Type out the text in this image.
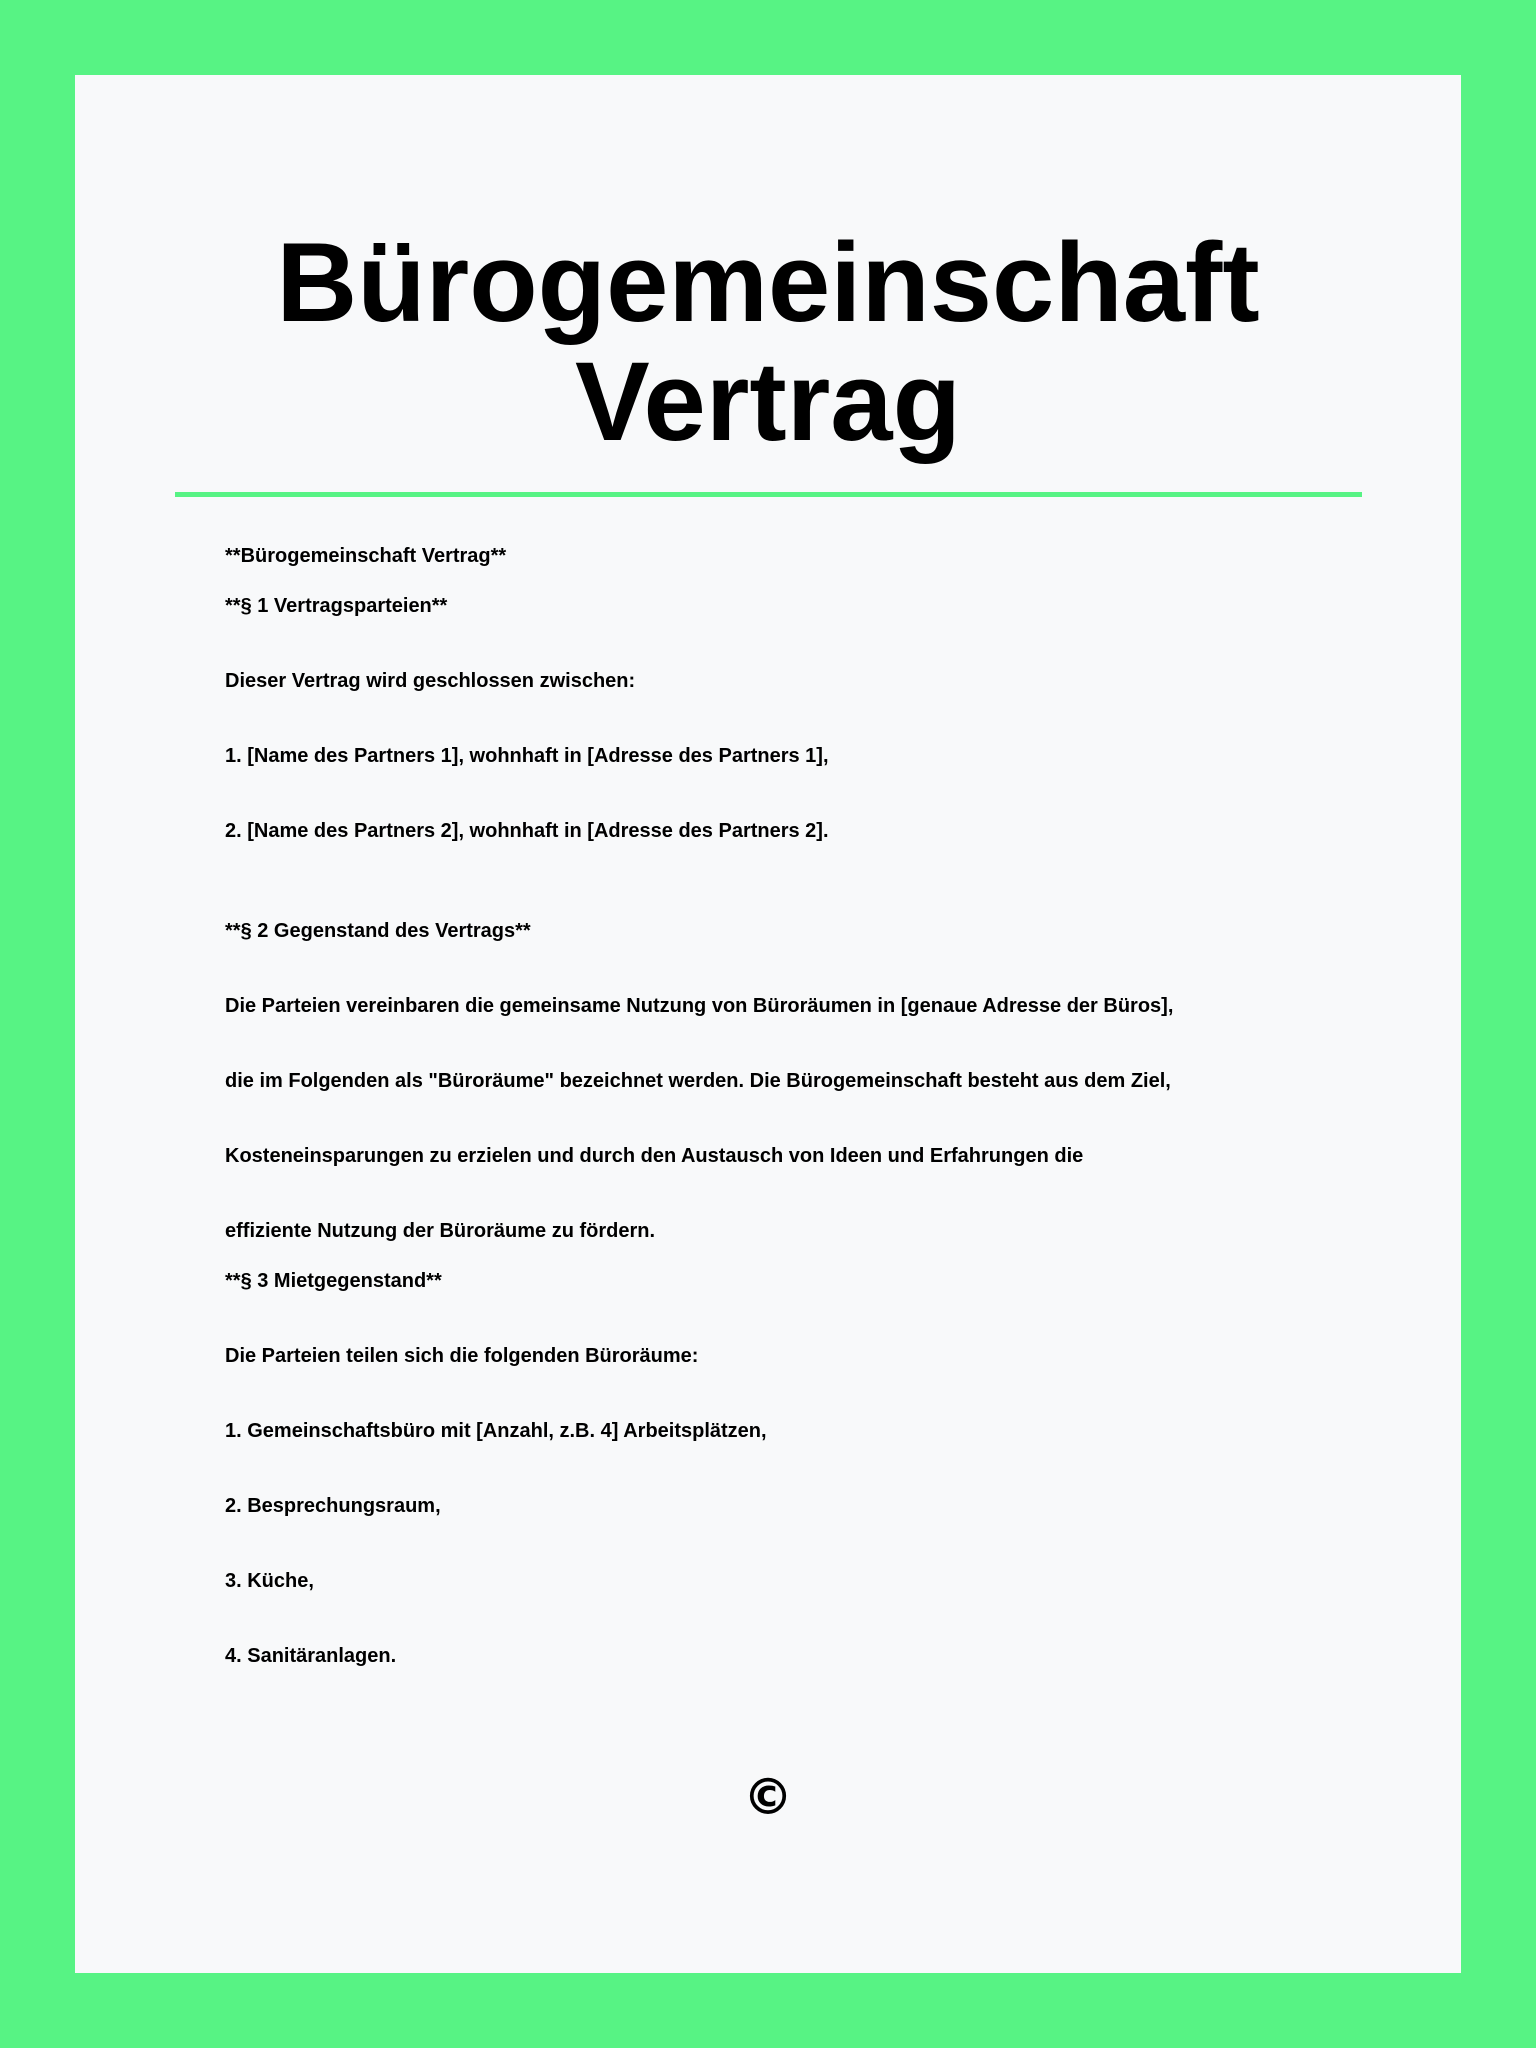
Bürogemeinschaft
Vertrag

**Bürogemeinschaft Vertrag**

**§ 1 Vertragsparteien**

Dieser Vertrag wird geschlossen zwischen:

1. [Name des Partners 1], wohnhaft in [Adresse des Partners 1],

2. [Name des Partners 2], wohnhaft in [Adresse des Partners 2].

**§ 2 Gegenstand des Vertrags**

Die Parteien vereinbaren die gemeinsame Nutzung von Büroräumen in [genaue Adresse der Büros],

die im Folgenden als "Büroräume" bezeichnet werden. Die Bürogemeinschaft besteht aus dem Ziel,

Kosteneinsparungen zu erzielen und durch den Austausch von Ideen und Erfahrungen die

effiziente Nutzung der Büroräume zu fördern.

**§ 3 Mietgegenstand**

Die Parteien teilen sich die folgenden Büroräume:

1. Gemeinschaftsbüro mit [Anzahl, z.B. 4] Arbeitsplätzen,

2. Besprechungsraum,

3. Küche,

4. Sanitäranlagen.

©
